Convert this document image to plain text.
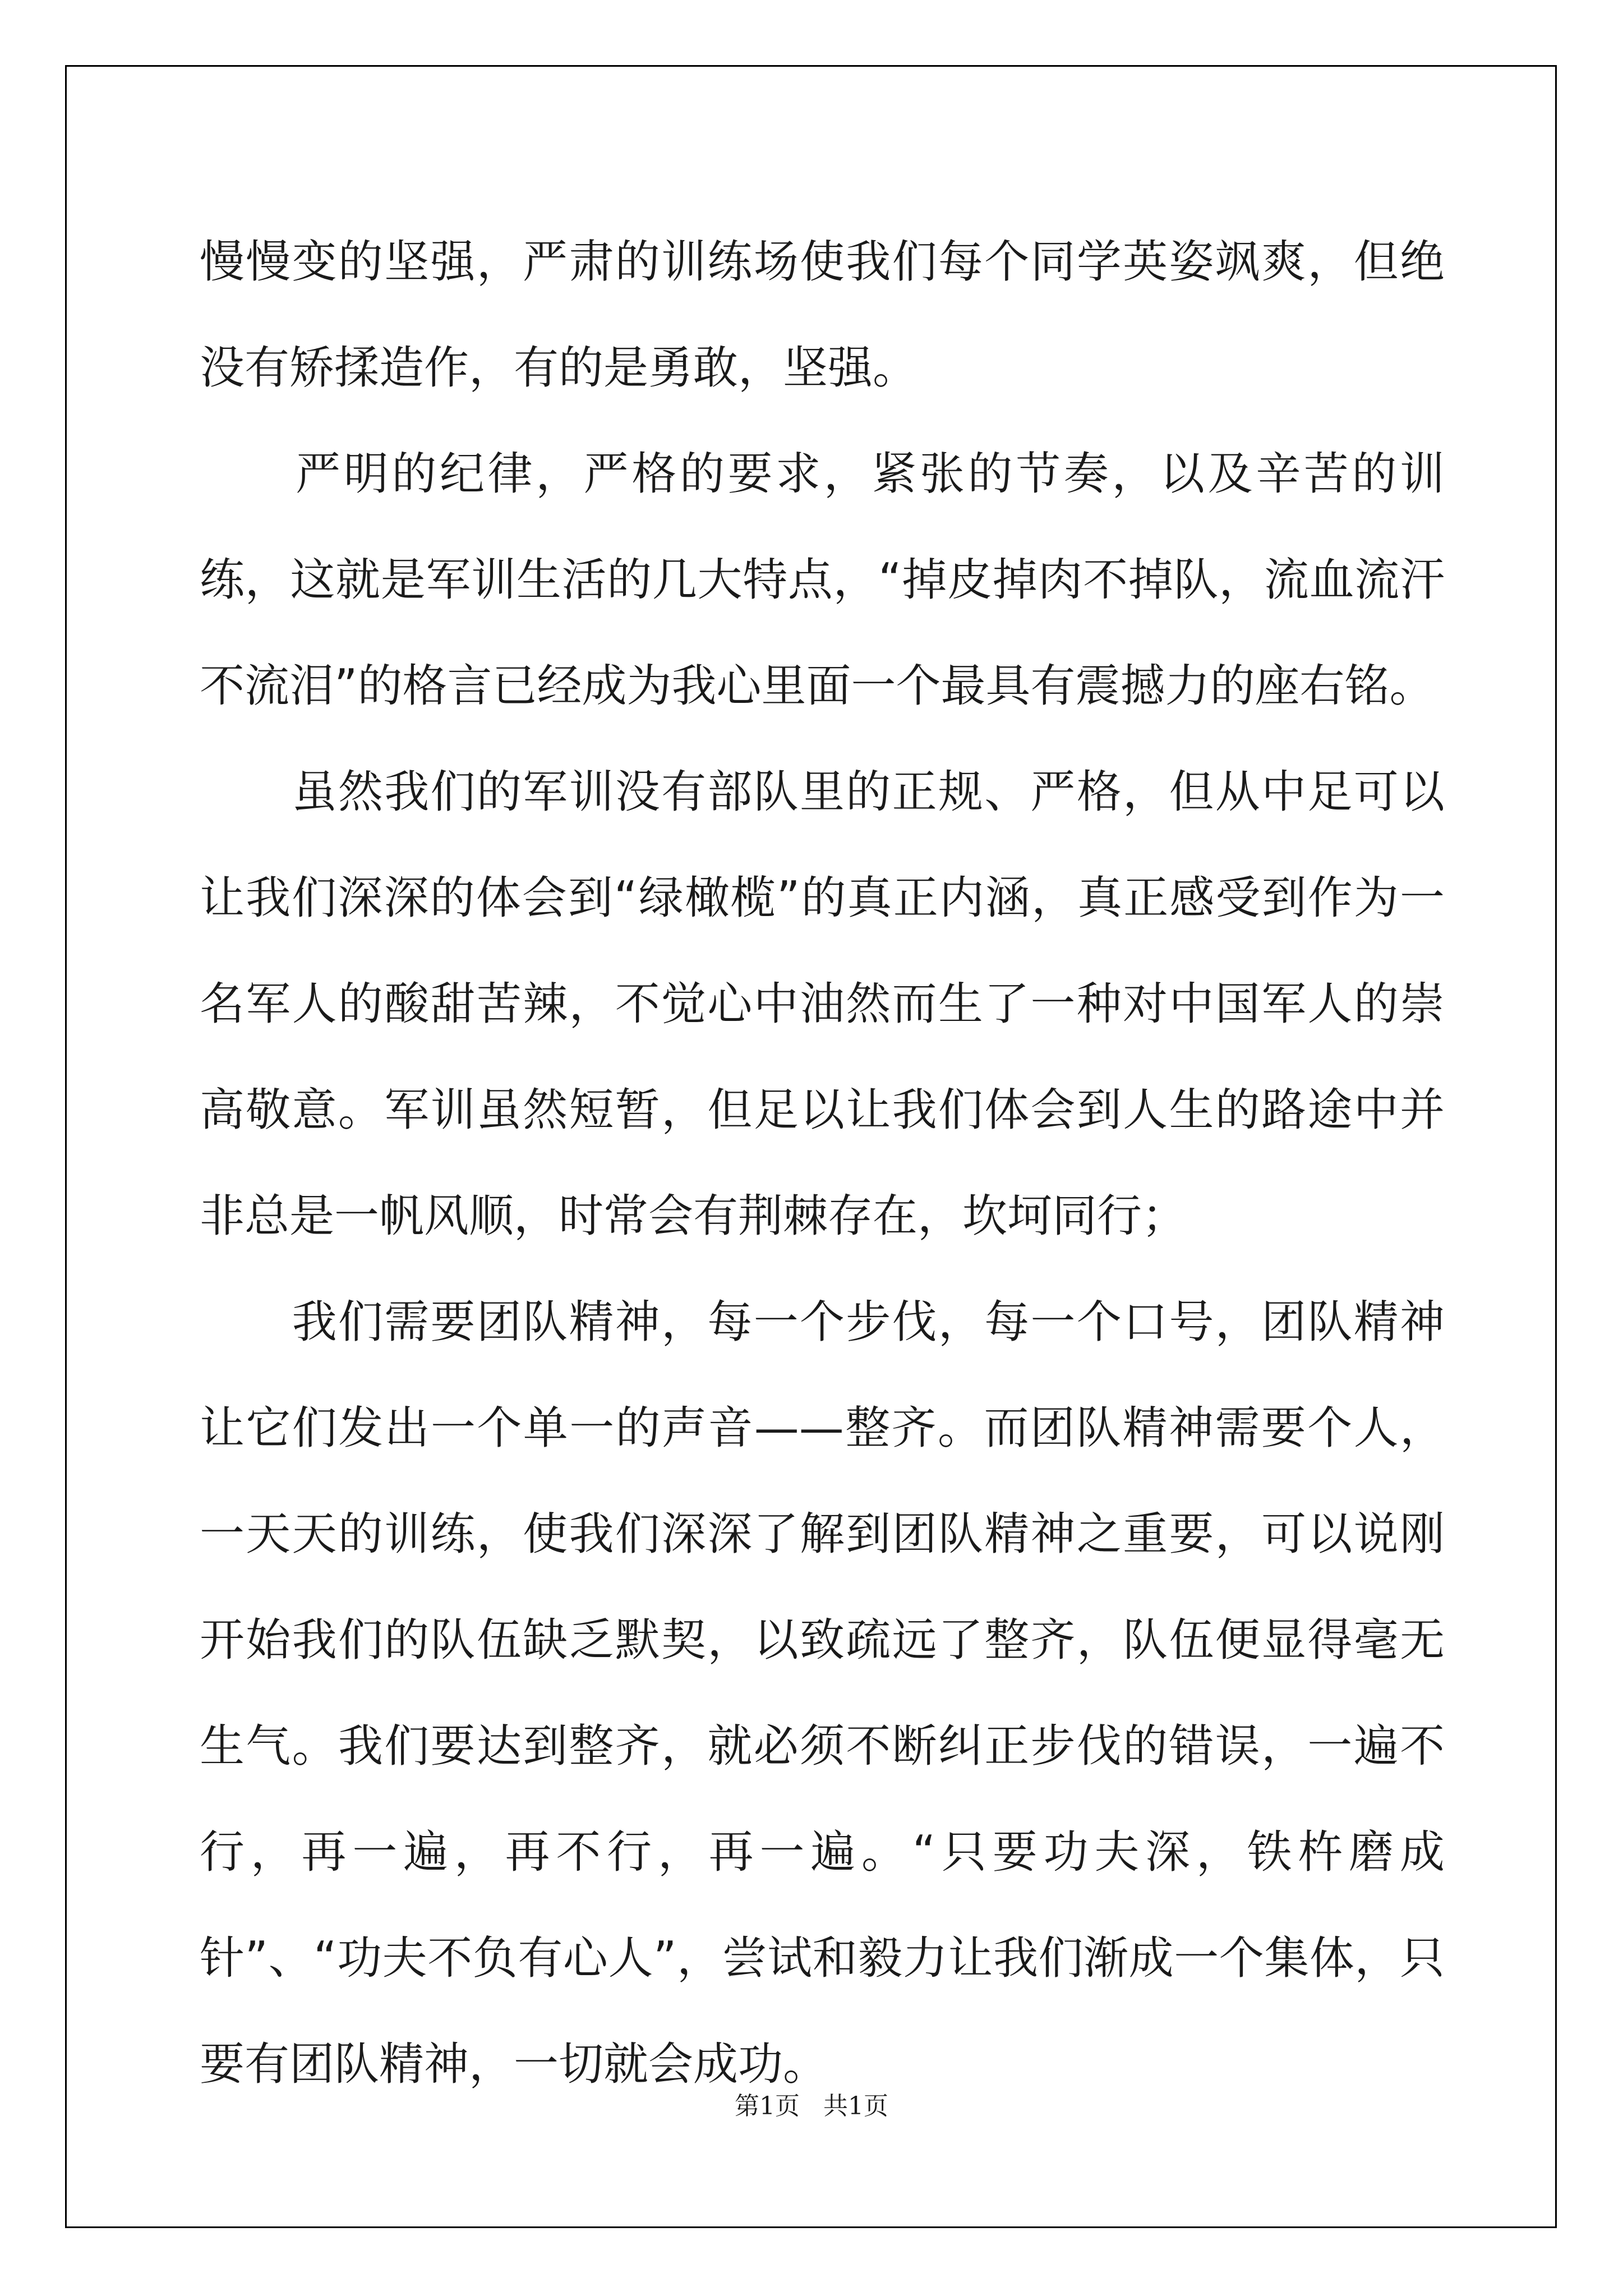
慢慢变的坚强，严肃的训练场使我们每个同学英姿飒爽，但绝没有矫揉造作，有的是勇敢，坚强。

　　严明的纪律，严格的要求，紧张的节奏，以及辛苦的训练，这就是军训生活的几大特点，“掉皮掉肉不掉队，流血流汗不流泪”的格言已经成为我心里面一个最具有震撼力的座右铭。

　　虽然我们的军训没有部队里的正规、严格，但从中足可以让我们深深的体会到“绿橄榄”的真正内涵，真正感受到作为一名军人的酸甜苦辣，不觉心中油然而生了一种对中国军人的崇高敬意。军训虽然短暂，但足以让我们体会到人生的路途中并非总是一帆风顺，时常会有荆棘存在，坎坷同行；

　　我们需要团队精神，每一个步伐，每一个口号，团队精神让它们发出一个单一的声音——整齐。而团队精神需要个人，一天天的训练，使我们深深了解到团队精神之重要，可以说刚开始我们的队伍缺乏默契，以致疏远了整齐，队伍便显得毫无生气。我们要达到整齐，就必须不断纠正步伐的错误，一遍不行，再一遍，再不行，再一遍。“只要功夫深，铁杵磨成针”、“功夫不负有心人”，尝试和毅力让我们渐成一个集体，只要有团队精神，一切就会成功。

第1页 共1页
